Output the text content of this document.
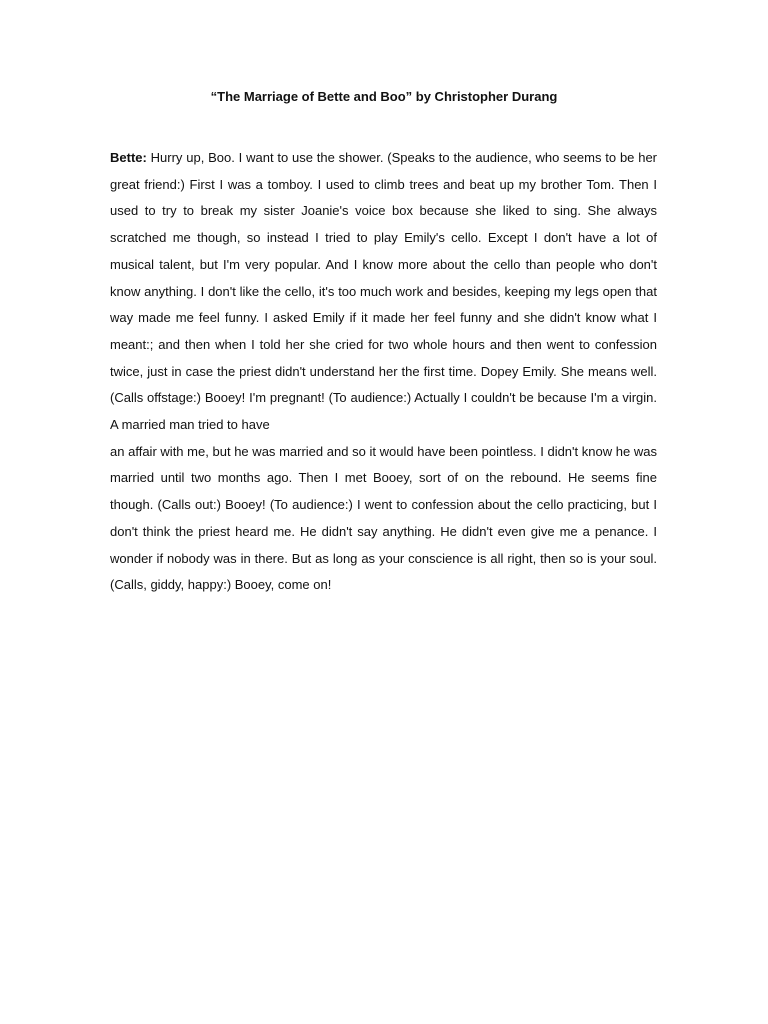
“The Marriage of Bette and Boo” by Christopher Durang

Bette: Hurry up, Boo. I want to use the shower. (Speaks to the audience, who seems to be her great friend:) First I was a tomboy. I used to climb trees and beat up my brother Tom. Then I used to try to break my sister Joanie's voice box because she liked to sing. She always scratched me though, so instead I tried to play Emily's cello. Except I don't have a lot of musical talent, but I'm very popular. And I know more about the cello than people who don't know anything. I don't like the cello, it's too much work and besides, keeping my legs open that way made me feel funny. I asked Emily if it made her feel funny and she didn't know what I meant:; and then when I told her she cried for two whole hours and then went to confession twice, just in case the priest didn't understand her the first time. Dopey Emily. She means well. (Calls offstage:) Booey! I'm pregnant! (To audience:) Actually I couldn't be because I'm a virgin. A married man tried to have

an affair with me, but he was married and so it would have been pointless. I didn't know he was married until two months ago. Then I met Booey, sort of on the rebound. He seems fine though. (Calls out:) Booey! (To audience:) I went to confession about the cello practicing, but I don't think the priest heard me. He didn't say anything. He didn't even give me a penance. I wonder if nobody was in there. But as long as your conscience is all right, then so is your soul. (Calls, giddy, happy:) Booey, come on!
